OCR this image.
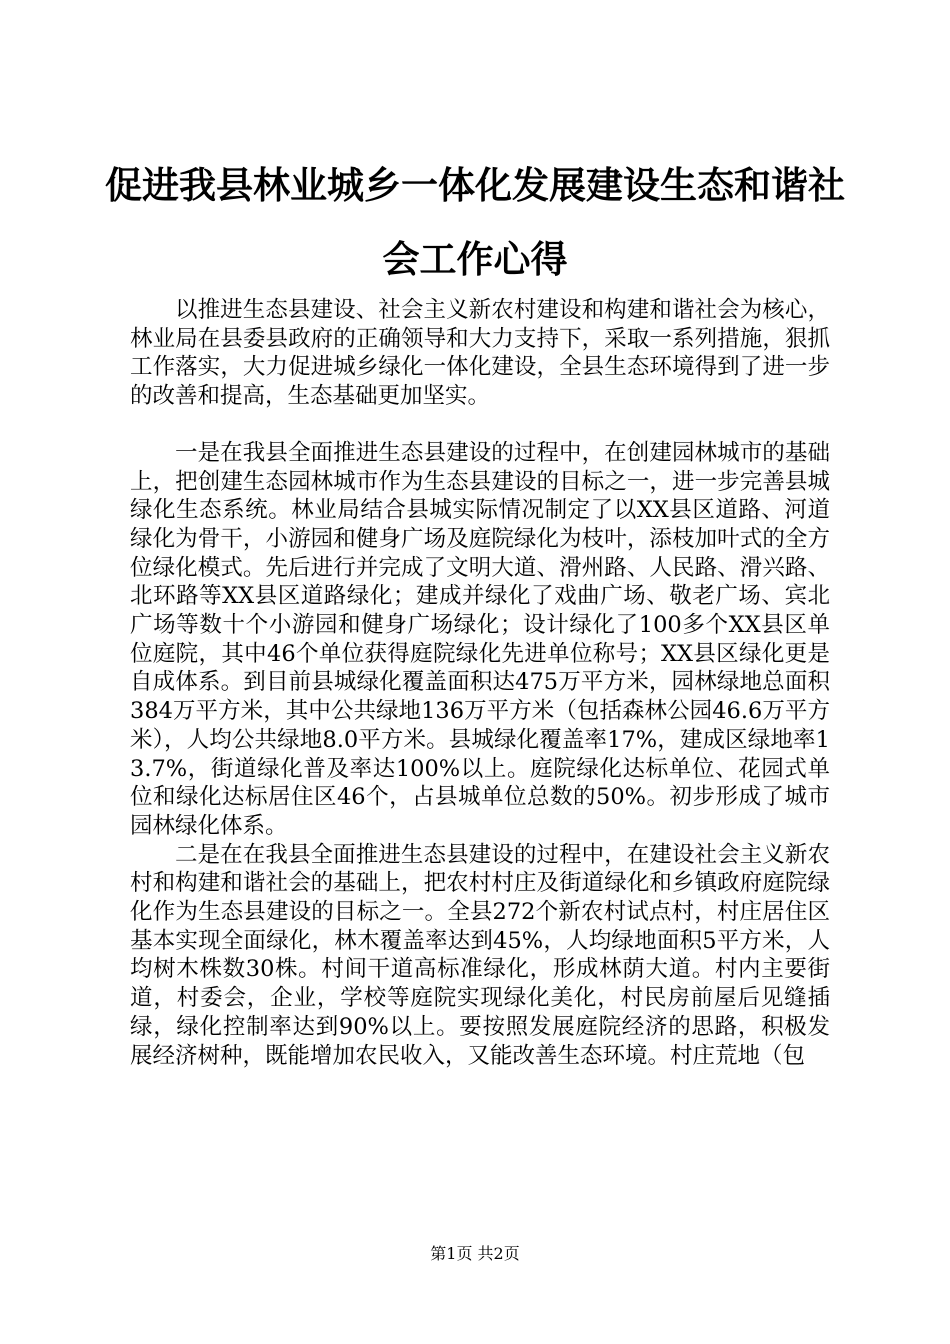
促进我县林业城乡一体化发展建设生态和谐社
会工作心得

以推进生态县建设、社会主义新农村建设和构建和谐社会为核心，林业局在县委县政府的正确领导和大力支持下，采取一系列措施，狠抓工作落实，大力促进城乡绿化一体化建设，全县生态环境得到了进一步的改善和提高，生态基础更加坚实。

一是在我县全面推进生态县建设的过程中，在创建园林城市的基础上，把创建生态园林城市作为生态县建设的目标之一，进一步完善县城绿化生态系统。林业局结合县城实际情况制定了以XX县区道路、河道绿化为骨干，小游园和健身广场及庭院绿化为枝叶，添枝加叶式的全方位绿化模式。先后进行并完成了文明大道、滑州路、人民路、滑兴路、北环路等XX县区道路绿化；建成并绿化了戏曲广场、敬老广场、宾北广场等数十个小游园和健身广场绿化；设计绿化了100多个XX县区单位庭院，其中46个单位获得庭院绿化先进单位称号；XX县区绿化更是自成体系。到目前县城绿化覆盖面积达475万平方米，园林绿地总面积384万平方米，其中公共绿地136万平方米（包括森林公园46.6万平方米），人均公共绿地8.0平方米。县城绿化覆盖率17%，建成区绿地率13.7%，街道绿化普及率达100%以上。庭院绿化达标单位、花园式单位和绿化达标居住区46个，占县城单位总数的50%。初步形成了城市园林绿化体系。

二是在在我县全面推进生态县建设的过程中，在建设社会主义新农村和构建和谐社会的基础上，把农村村庄及街道绿化和乡镇政府庭院绿化作为生态县建设的目标之一。全县272个新农村试点村，村庄居住区基本实现全面绿化，林木覆盖率达到45%，人均绿地面积5平方米，人均树木株数30株。村间干道高标准绿化，形成林荫大道。村内主要街道，村委会，企业，学校等庭院实现绿化美化，村民房前屋后见缝插绿，绿化控制率达到90%以上。要按照发展庭院经济的思路，积极发展经济树种，既能增加农民收入，又能改善生态环境。村庄荒地（包

第1页 共2页
